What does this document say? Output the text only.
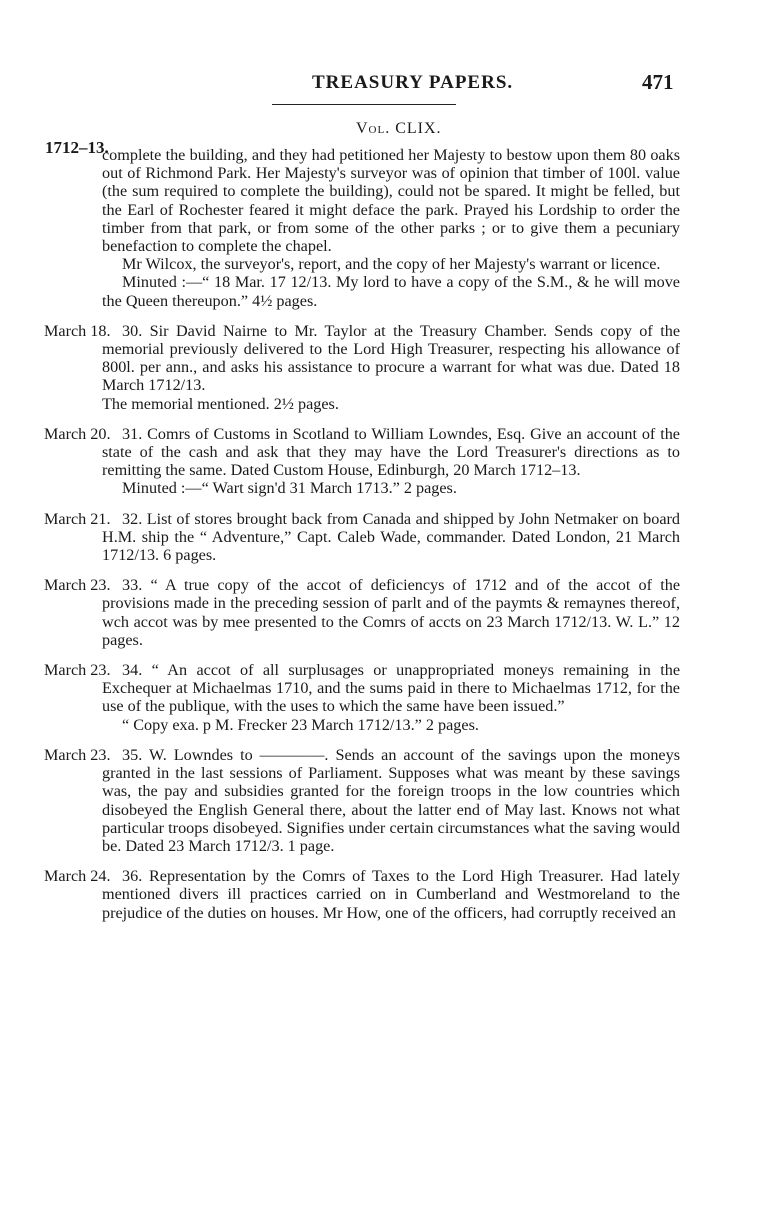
TREASURY PAPERS.	471
Vol. CLIX.
1712–13.

complete the building, and they had petitioned her Majesty to bestow upon them 80 oaks out of Richmond Park. Her Majesty's surveyor was of opinion that timber of 100l. value (the sum required to complete the building), could not be spared. It might be felled, but the Earl of Rochester feared it might deface the park. Prayed his Lordship to order the timber from that park, or from some of the other parks ; or to give them a pecuniary benefaction to complete the chapel.

Mr Wilcox, the surveyor's, report, and the copy of her Majesty's warrant or licence.

Minuted :—“ 18 Mar. 17 12/13. My lord to have a copy of the S.M., & he will move the Queen thereupon.” 4½ pages.

March 18. 30. Sir David Nairne to Mr. Taylor at the Treasury Chamber. Sends copy of the memorial previously delivered to the Lord High Treasurer, respecting his allowance of 800l. per ann., and asks his assistance to procure a warrant for what was due. Dated 18 March 1712/13.

The memorial mentioned. 2½ pages.

March 20. 31. Comrs of Customs in Scotland to William Lowndes, Esq. Give an account of the state of the cash and ask that they may have the Lord Treasurer's directions as to remitting the same. Dated Custom House, Edinburgh, 20 March 1712–13.

Minuted :—“ Wart sign'd 31 March 1713.” 2 pages.

March 21. 32. List of stores brought back from Canada and shipped by John Netmaker on board H.M. ship the “ Adventure,” Capt. Caleb Wade, commander. Dated London, 21 March 1712/13. 6 pages.

March 23. 33. “ A true copy of the accot of deficiencys of 1712 and of the accot of the provisions made in the preceding session of parlt and of the paymts & remaynes thereof, wch accot was by mee presented to the Comrs of accts on 23 March 1712/13. W. L.” 12 pages.

March 23. 34. “ An accot of all surplusages or unappropriated moneys remaining in the Exchequer at Michaelmas 1710, and the sums paid in there to Michaelmas 1712, for the use of the publique, with the uses to which the same have been issued.”

“ Copy exa. p M. Frecker 23 March 1712/13.” 2 pages.

March 23. 35. W. Lowndes to ————. Sends an account of the savings upon the moneys granted in the last sessions of Parliament. Supposes what was meant by these savings was, the pay and subsidies granted for the foreign troops in the low countries which disobeyed the English General there, about the latter end of May last. Knows not what particular troops disobeyed. Signifies under certain circumstances what the saving would be. Dated 23 March 1712/3. 1 page.

March 24. 36. Representation by the Comrs of Taxes to the Lord High Treasurer. Had lately mentioned divers ill practices carried on in Cumberland and Westmoreland to the prejudice of the duties on houses. Mr How, one of the officers, had corruptly received an
